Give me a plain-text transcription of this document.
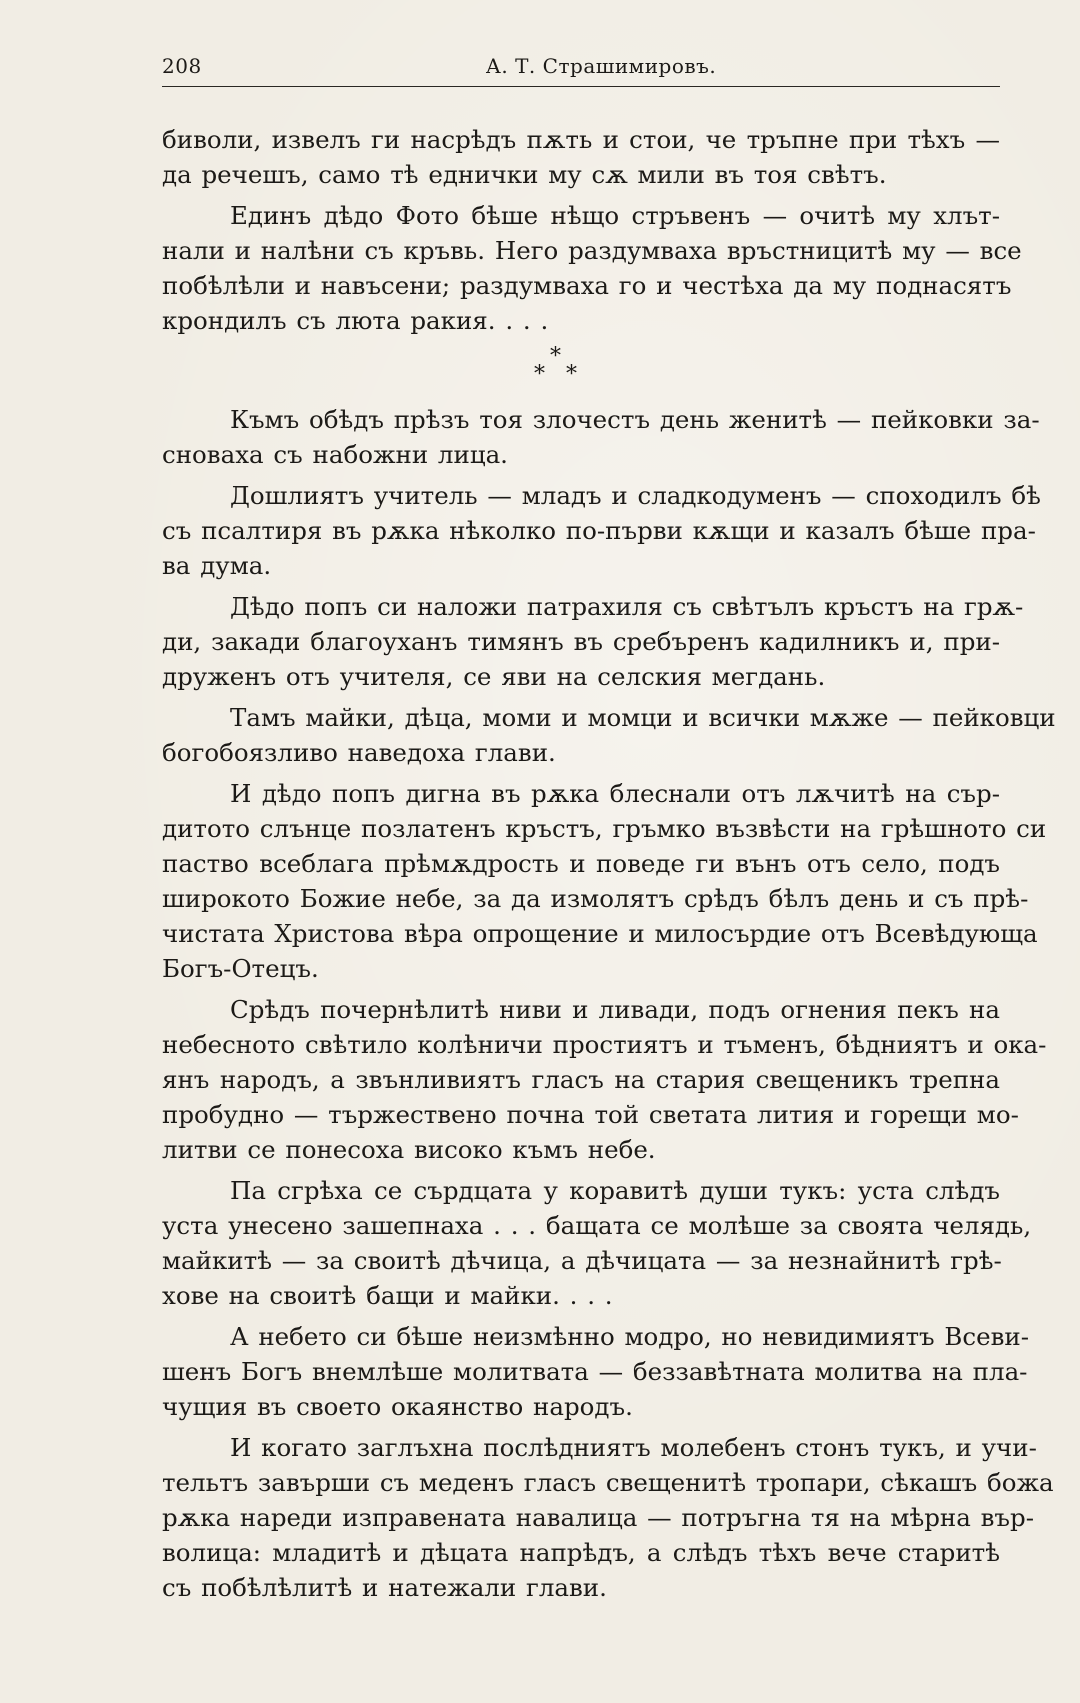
208	А. Т. Страшимировъ.
биволи, извелъ ги насрѣдъ пѫть и стои, че тръпне при тѣхъ —
да речешъ, само тѣ еднички му сѫ мили въ тоя свѣтъ.
Единъ дѣдо Фото бѣше нѣщо стръвенъ — очитѣ му хлът-
нали и налѣни съ кръвь. Него раздумваха връстницитѣ му — все
побѣлѣли и навъсени; раздумваха го и честѣха да му поднасятъ
крондилъ съ люта ракия. . . .
*
* *
Къмъ обѣдъ прѣзъ тоя злочестъ день женитѣ — пейковки за-
сноваха съ набожни лица.
Дошлиятъ учитель — младъ и сладкодуменъ — споходилъ бѣ
съ псалтиря въ рѫка нѣколко по-първи кѫщи и казалъ бѣше пра-
ва дума.
Дѣдо попъ си наложи патрахиля съ свѣтълъ кръстъ на грѫ-
ди, закади благоуханъ тимянъ въ сребъренъ кадилникъ и, при-
друженъ отъ учителя, се яви на селския мегдань.
Тамъ майки, дѣца, моми и момци и всички мѫже — пейковци
богобоязливо наведоха глави.
И дѣдо попъ дигна въ рѫка блеснали отъ лѫчитѣ на сър-
дитото слънце позлатенъ кръстъ, гръмко възвѣсти на грѣшното си
паство всеблага прѣмѫдрость и поведе ги вънъ отъ село, подъ
широкото Божие небе, за да измолятъ срѣдъ бѣлъ день и съ прѣ-
чистата Христова вѣра опрощение и милосърдие отъ Всевѣдующа
Богъ-Отецъ.
Срѣдъ почернѣлитѣ ниви и ливади, подъ огнения пекъ на
небесното свѣтило колѣничи простиятъ и тъменъ, бѣдниятъ и ока-
янъ народъ, а звънливиятъ гласъ на стария свещеникъ трепна
пробудно — тържествено почна той светата лития и горещи мо-
литви се понесоха високо къмъ небе.
Па сгрѣха се сърдцата у коравитѣ души тукъ: уста слѣдъ
уста унесено зашепнаха . . . бащата се молѣше за своята челядь,
майкитѣ — за своитѣ дѣчица, а дѣчицата — за незнайнитѣ грѣ-
хове на своитѣ бащи и майки. . . .
А небето си бѣше неизмѣнно модро, но невидимиятъ Всеви-
шенъ Богъ внемлѣше молитвата — беззавѣтната молитва на пла-
чущия въ своето окаянство народъ.
И когато заглъхна послѣдниятъ молебенъ стонъ тукъ, и учи-
тельтъ завърши съ меденъ гласъ свещенитѣ тропари, сѣкашъ божа
рѫка нареди изправената навалица — потръгна тя на мѣрна вър-
волица: младитѣ и дѣцата напрѣдъ, а слѣдъ тѣхъ вече старитѣ
съ побѣлѣлитѣ и натежали глави.
